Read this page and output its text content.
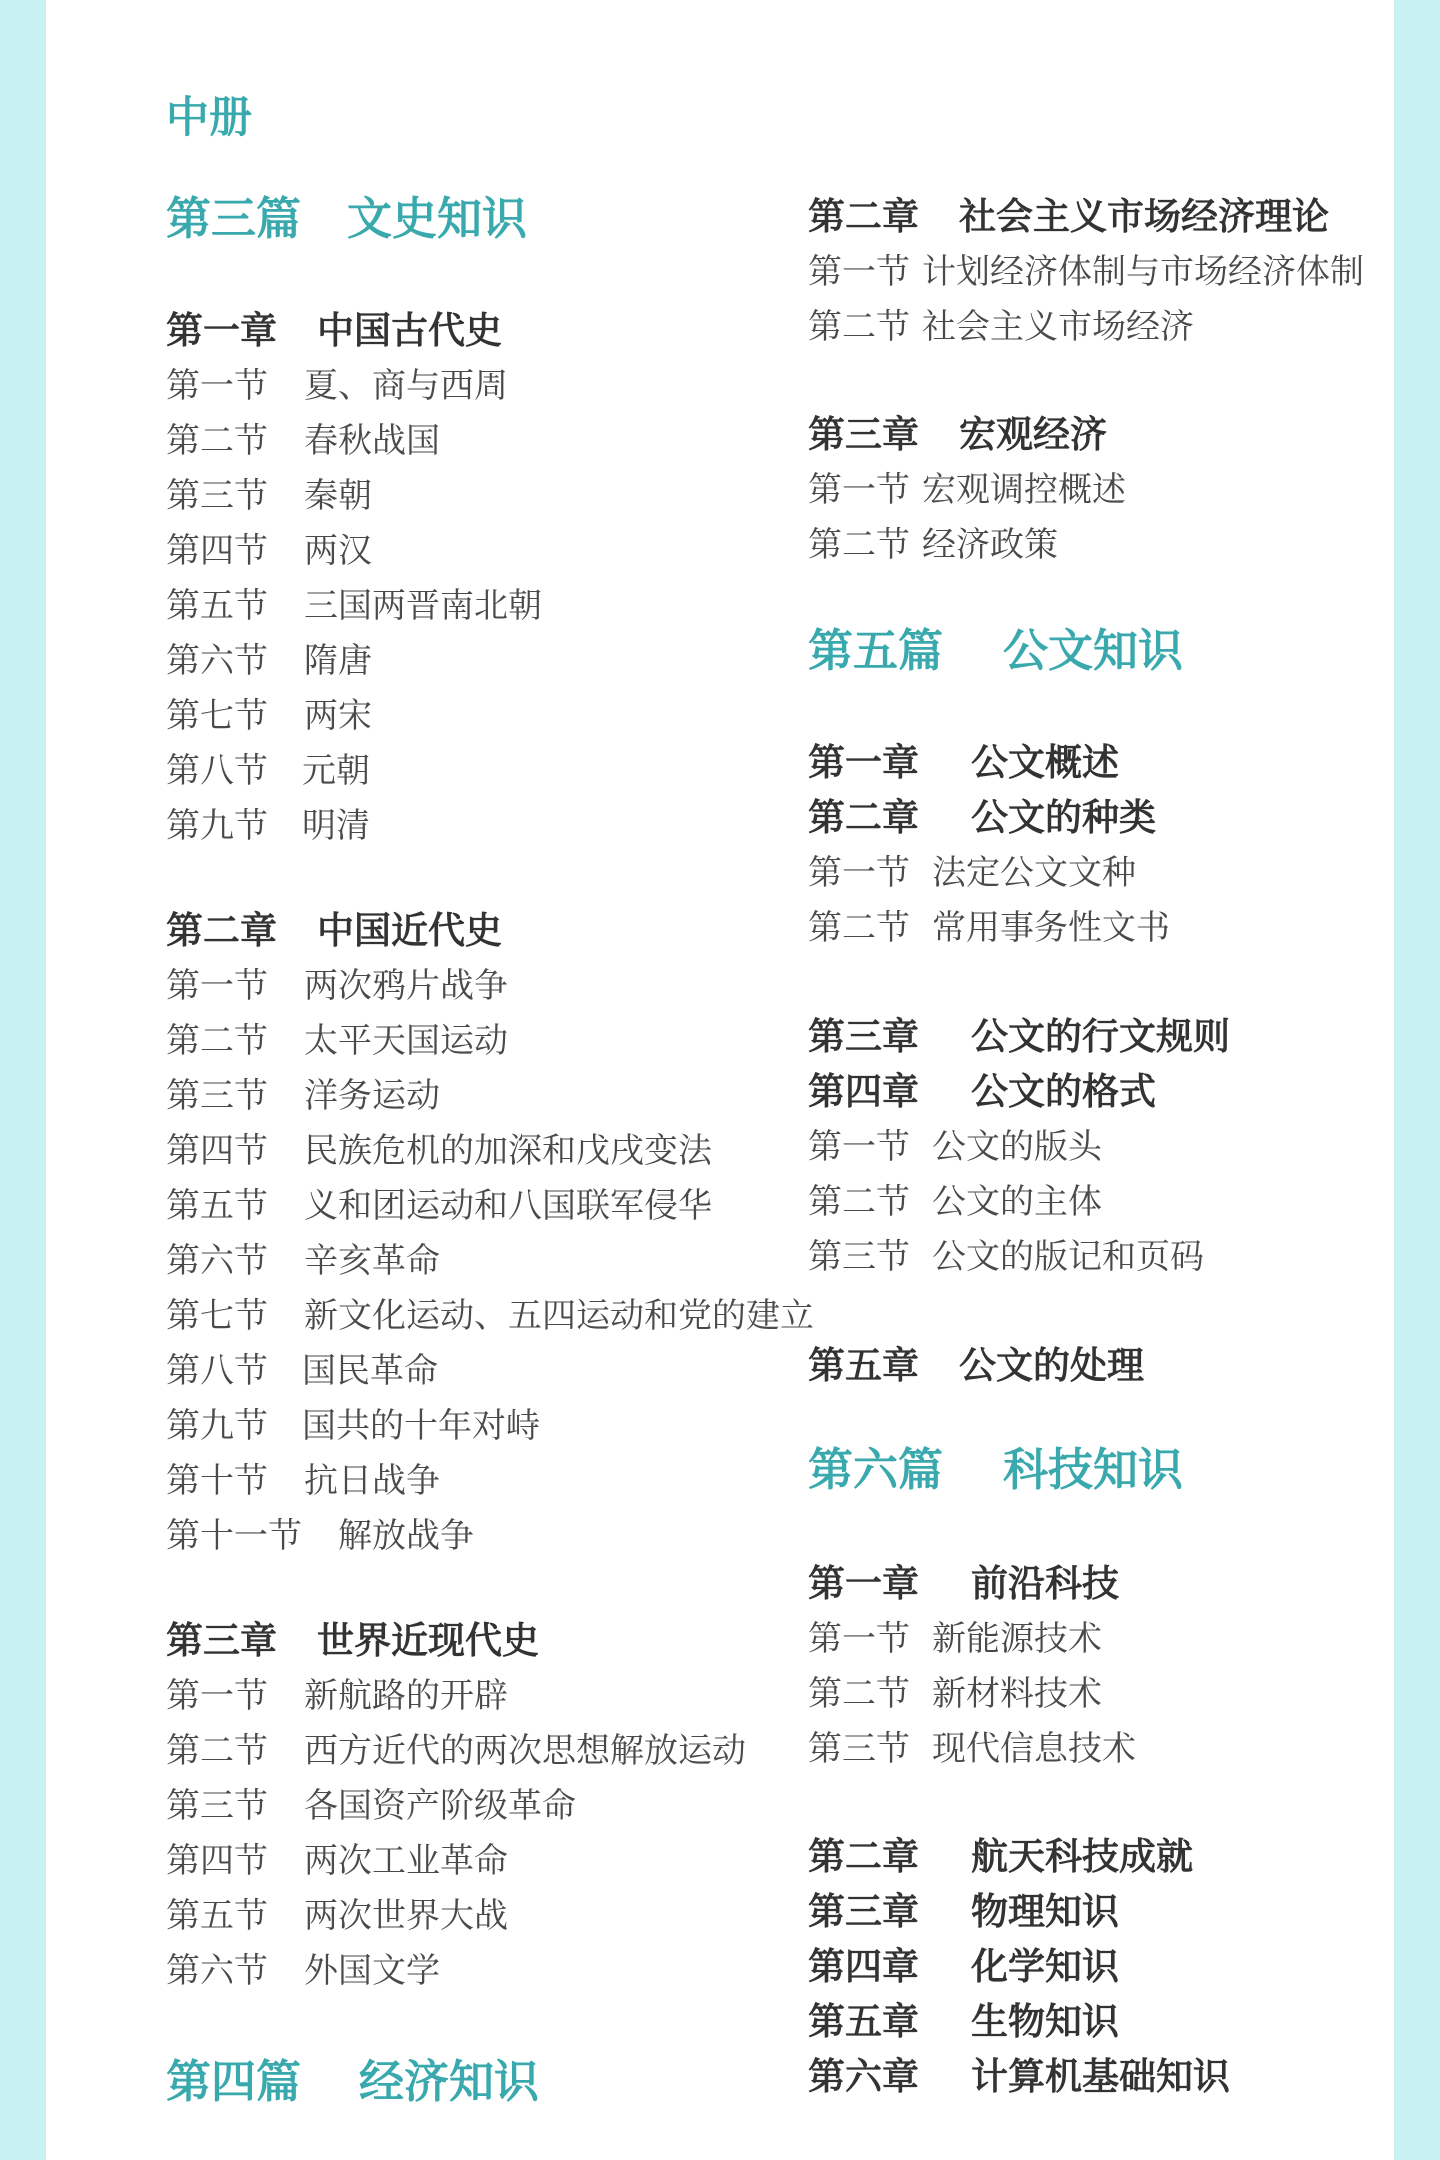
中册
第三篇 文史知识
第一章 中国古代史
第一节 夏、商与西周
第二节 春秋战国
第三节 秦朝
第四节 两汉
第五节 三国两晋南北朝
第六节 隋唐
第七节 两宋
第八节 元朝
第九节 明清
第二章 中国近代史
第一节 两次鸦片战争
第二节 太平天国运动
第三节 洋务运动
第四节 民族危机的加深和戊戌变法
第五节 义和团运动和八国联军侵华
第六节 辛亥革命
第七节 新文化运动、五四运动和党的建立
第八节 国民革命
第九节 国共的十年对峙
第十节 抗日战争
第十一节 解放战争
第三章 世界近现代史
第一节 新航路的开辟
第二节 西方近代的两次思想解放运动
第三节 各国资产阶级革命
第四节 两次工业革命
第五节 两次世界大战
第六节 外国文学
第四篇 经济知识
第二章 社会主义市场经济理论
第一节 计划经济体制与市场经济体制
第二节 社会主义市场经济
第三章 宏观经济
第一节 宏观调控概述
第二节 经济政策
第五篇 公文知识
第一章 公文概述
第二章 公文的种类
第一节 法定公文文种
第二节 常用事务性文书
第三章 公文的行文规则
第四章 公文的格式
第一节 公文的版头
第二节 公文的主体
第三节 公文的版记和页码
第五章 公文的处理
第六篇 科技知识
第一章 前沿科技
第一节 新能源技术
第二节 新材料技术
第三节 现代信息技术
第二章 航天科技成就
第三章 物理知识
第四章 化学知识
第五章 生物知识
第六章 计算机基础知识
